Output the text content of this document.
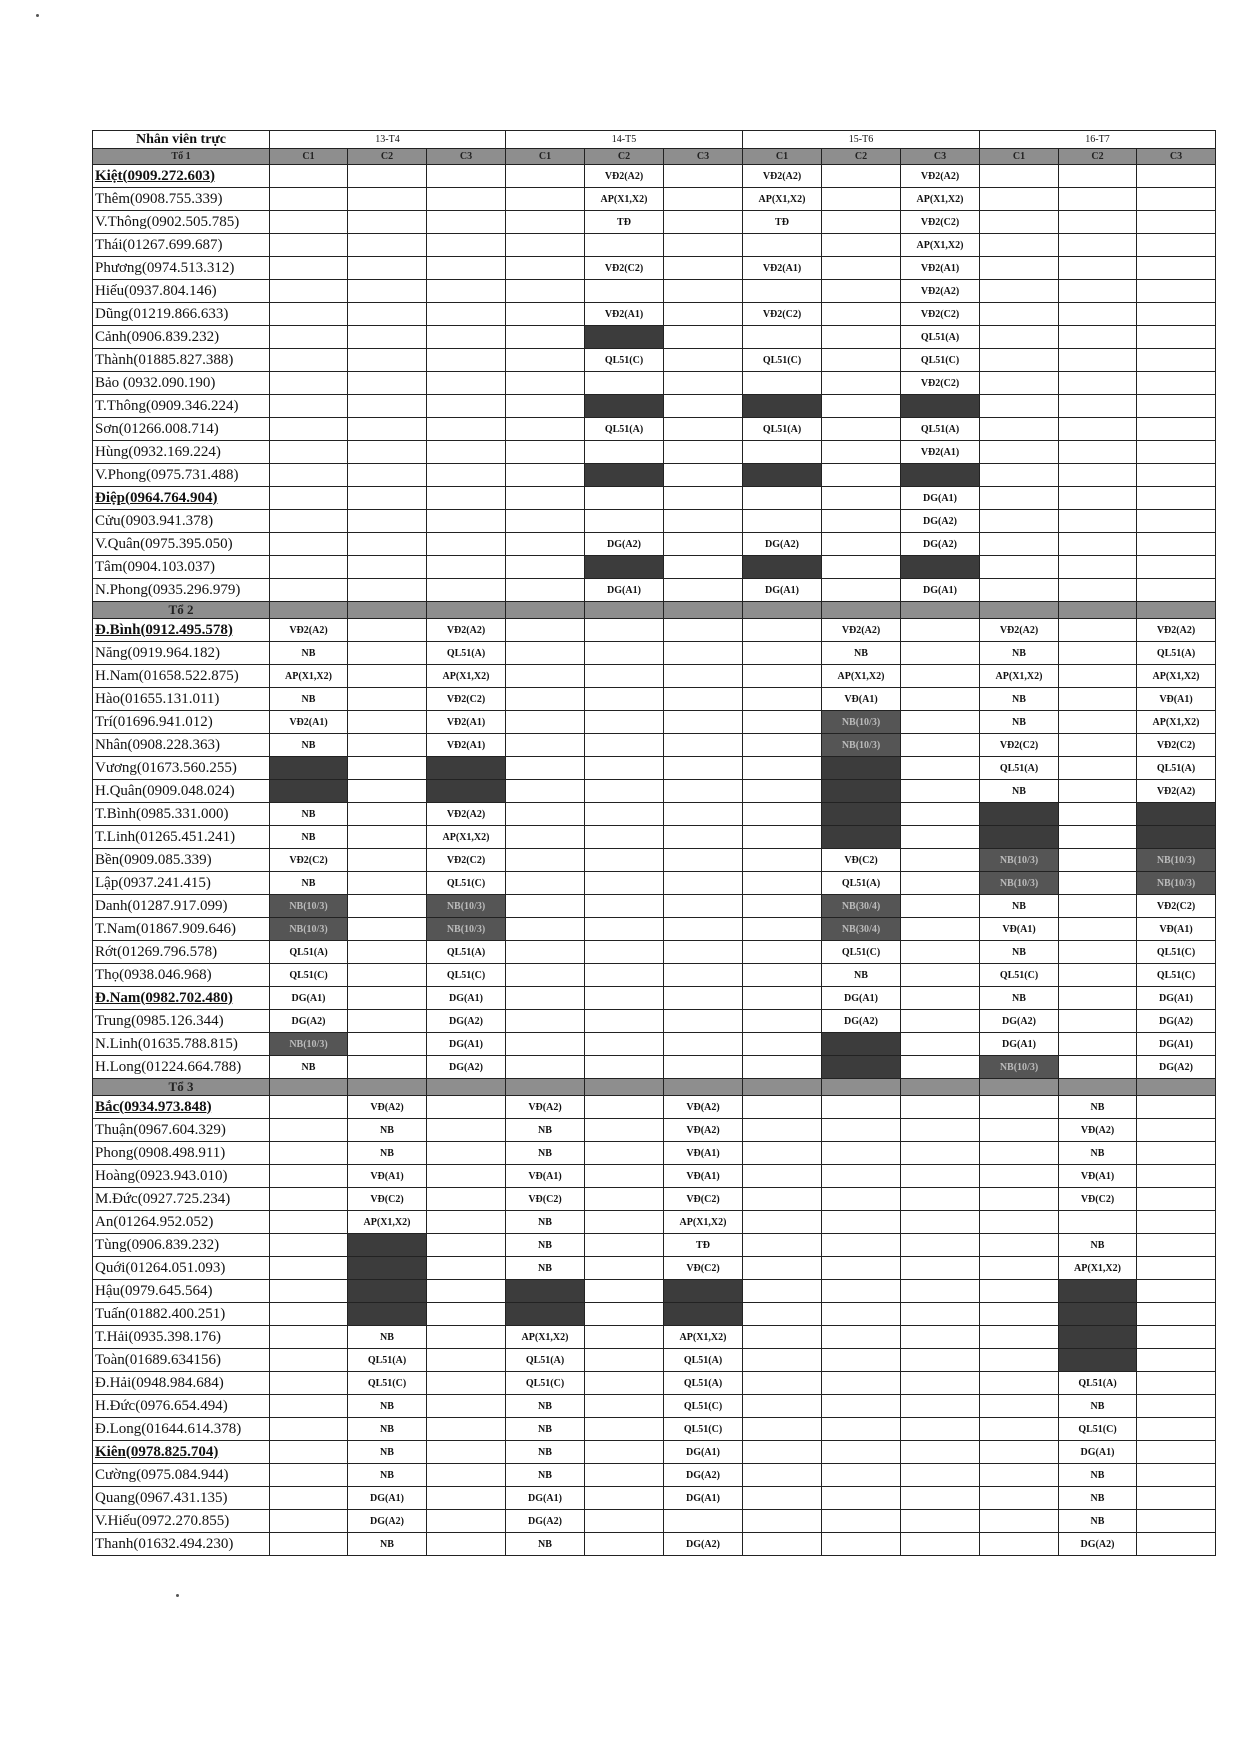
Nhân viên trực	13-T4			14-T5			15-T6			16-T7		
Tổ 1	C1	C2	C3	C1	C2	C3	C1	C2	C3	C1	C2	C3
Kiệt(0909.272.603)					VĐ2(A2)		VĐ2(A2)		VĐ2(A2)			
Thêm(0908.755.339)					AP(X1,X2)		AP(X1,X2)		AP(X1,X2)			
V.Thông(0902.505.785)					TĐ		TĐ		VĐ2(C2)			
Thái(01267.699.687)									AP(X1,X2)			
Phương(0974.513.312)					VĐ2(C2)		VĐ2(A1)		VĐ2(A1)			
Hiếu(0937.804.146)									VĐ2(A2)			
Dũng(01219.866.633)					VĐ2(A1)		VĐ2(C2)		VĐ2(C2)			
Cảnh(0906.839.232)									QL51(A)			
Thành(01885.827.388)					QL51(C)		QL51(C)		QL51(C)			
Bảo (0932.090.190)									VĐ2(C2)			
T.Thông(0909.346.224)												
Sơn(01266.008.714)					QL51(A)		QL51(A)		QL51(A)			
Hùng(0932.169.224)									VĐ2(A1)			
V.Phong(0975.731.488)												
Điệp(0964.764.904)									DG(A1)			
Cửu(0903.941.378)									DG(A2)			
V.Quân(0975.395.050)					DG(A2)		DG(A2)		DG(A2)			
Tâm(0904.103.037)												
N.Phong(0935.296.979)					DG(A1)		DG(A1)		DG(A1)			
Tổ 2												
Đ.Bình(0912.495.578)	VĐ2(A2)		VĐ2(A2)					VĐ2(A2)		VĐ2(A2)		VĐ2(A2)
Năng(0919.964.182)	NB		QL51(A)					NB		NB		QL51(A)
H.Nam(01658.522.875)	AP(X1,X2)		AP(X1,X2)					AP(X1,X2)		AP(X1,X2)		AP(X1,X2)
Hào(01655.131.011)	NB		VĐ2(C2)					VĐ(A1)		NB		VĐ(A1)
Trí(01696.941.012)	VĐ2(A1)		VĐ2(A1)					NB(10/3)		NB		AP(X1,X2)
Nhân(0908.228.363)	NB		VĐ2(A1)					NB(10/3)		VĐ2(C2)		VĐ2(C2)
Vương(01673.560.255)										QL51(A)		QL51(A)
H.Quân(0909.048.024)										NB		VĐ2(A2)
T.Bình(0985.331.000)	NB		VĐ2(A2)									
T.Linh(01265.451.241)	NB		AP(X1,X2)									
Bền(0909.085.339)	VĐ2(C2)		VĐ2(C2)					VĐ(C2)		NB(10/3)		NB(10/3)
Lập(0937.241.415)	NB		QL51(C)					QL51(A)		NB(10/3)		NB(10/3)
Danh(01287.917.099)	NB(10/3)		NB(10/3)					NB(30/4)		NB		VĐ2(C2)
T.Nam(01867.909.646)	NB(10/3)		NB(10/3)					NB(30/4)		VĐ(A1)		VĐ(A1)
Rớt(01269.796.578)	QL51(A)		QL51(A)					QL51(C)		NB		QL51(C)
Thọ(0938.046.968)	QL51(C)		QL51(C)					NB		QL51(C)		QL51(C)
Đ.Nam(0982.702.480)	DG(A1)		DG(A1)					DG(A1)		NB		DG(A1)
Trung(0985.126.344)	DG(A2)		DG(A2)					DG(A2)		DG(A2)		DG(A2)
N.Linh(01635.788.815)	NB(10/3)		DG(A1)							DG(A1)		DG(A1)
H.Long(01224.664.788)	NB		DG(A2)							NB(10/3)		DG(A2)
Tổ 3												
Bắc(0934.973.848)		VĐ(A2)		VĐ(A2)		VĐ(A2)					NB	
Thuận(0967.604.329)		NB		NB		VĐ(A2)					VĐ(A2)	
Phong(0908.498.911)		NB		NB		VĐ(A1)					NB	
Hoàng(0923.943.010)		VĐ(A1)		VĐ(A1)		VĐ(A1)					VĐ(A1)	
M.Đức(0927.725.234)		VĐ(C2)		VĐ(C2)		VĐ(C2)					VĐ(C2)	
An(01264.952.052)		AP(X1,X2)		NB		AP(X1,X2)						
Tùng(0906.839.232)				NB		TĐ					NB	
Quới(01264.051.093)				NB		VĐ(C2)					AP(X1,X2)	
Hậu(0979.645.564)												
Tuấn(01882.400.251)												
T.Hải(0935.398.176)		NB		AP(X1,X2)		AP(X1,X2)						
Toàn(01689.634156)		QL51(A)		QL51(A)		QL51(A)						
Đ.Hải(0948.984.684)		QL51(C)		QL51(C)		QL51(A)					QL51(A)	
H.Đức(0976.654.494)		NB		NB		QL51(C)					NB	
Đ.Long(01644.614.378)		NB		NB		QL51(C)					QL51(C)	
Kiên(0978.825.704)		NB		NB		DG(A1)					DG(A1)	
Cường(0975.084.944)		NB		NB		DG(A2)					NB	
Quang(0967.431.135)		DG(A1)		DG(A1)		DG(A1)					NB	
V.Hiếu(0972.270.855)		DG(A2)		DG(A2)							NB	
Thanh(01632.494.230)		NB		NB		DG(A2)					DG(A2)	
